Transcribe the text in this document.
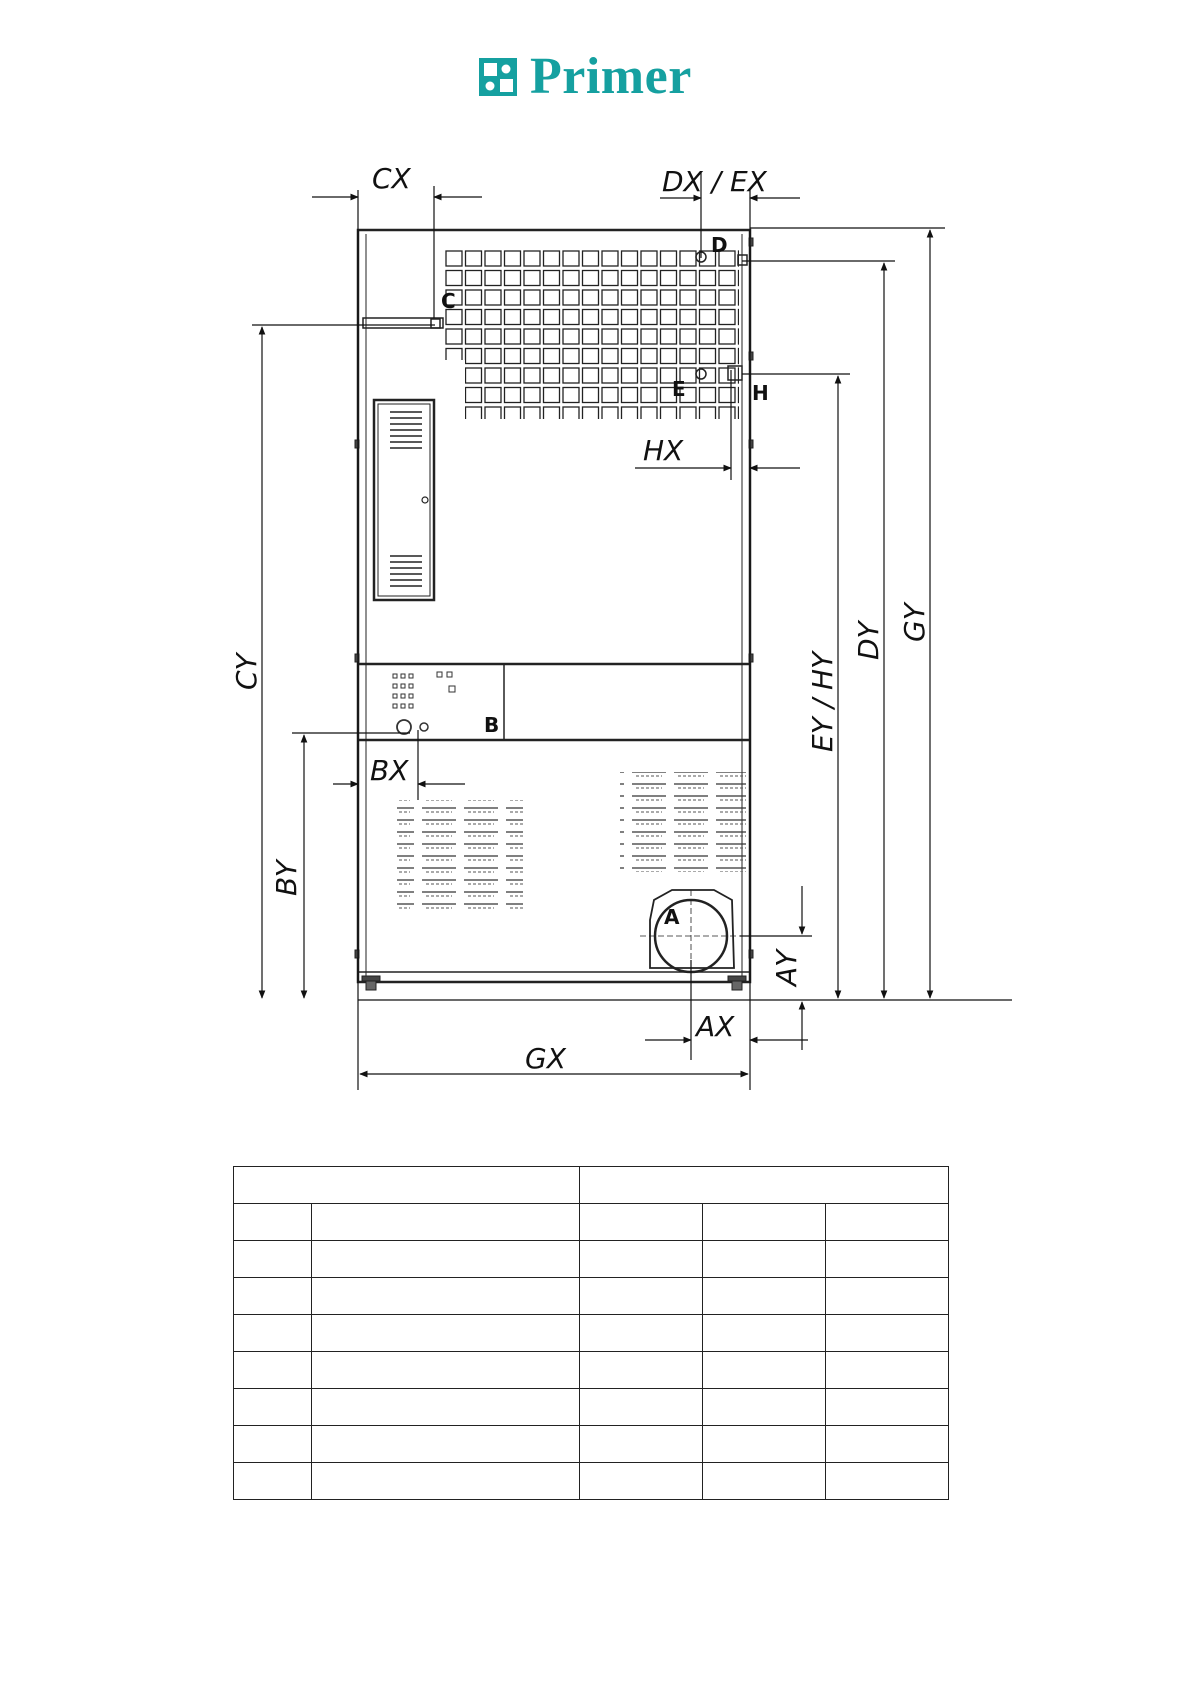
Primer
CX	DX / EX
HX
BX
AX
GX
CY
BY
AY
EY / HY
DY GY
A
B
C
D
E	H
